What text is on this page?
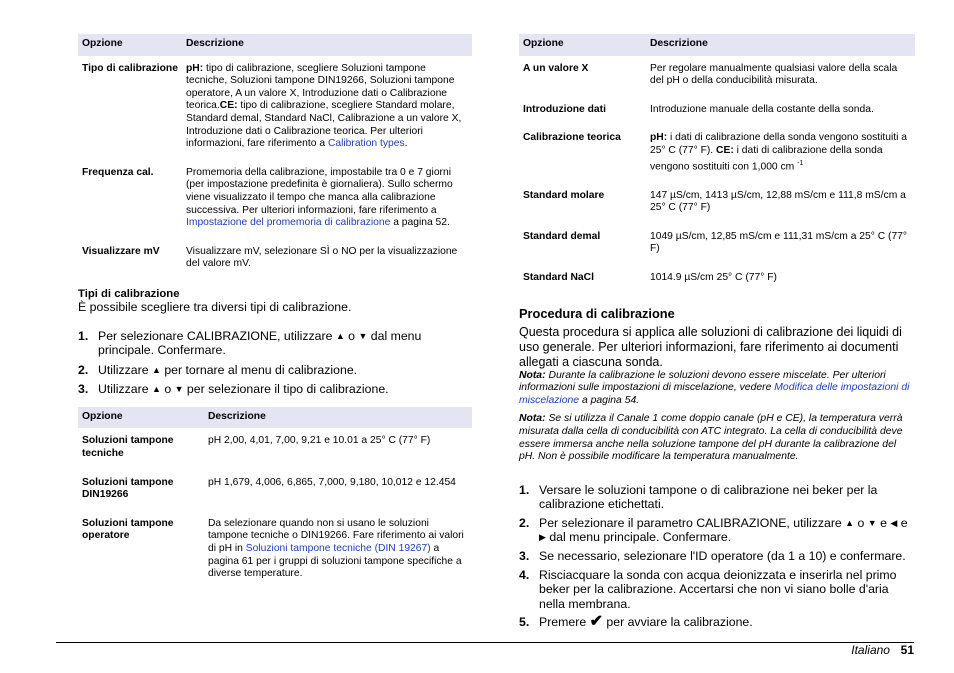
Opzione	Descrizione
Tipo di calibrazione	pH: tipo di calibrazione, scegliere Soluzioni tampone tecniche, Soluzioni tampone DIN19266, Soluzioni tampone operatore, A un valore X, Introduzione dati o Calibrazione teorica.CE: tipo di calibrazione, scegliere Standard molare, Standard demal, Standard NaCl, Calibrazione a un valore X, Introduzione dati o Calibrazione teorica. Per ulteriori informazioni, fare riferimento a Calibration types.
Frequenza cal.	Promemoria della calibrazione, impostabile tra 0 e 7 giorni (per impostazione predefinita è giornaliera). Sullo schermo viene visualizzato il tempo che manca alla calibrazione successiva. Per ulteriori informazioni, fare riferimento a Impostazione del promemoria di calibrazione a pagina 52.
Visualizzare mV	Visualizzare mV, selezionare SÌ o NO per la visualizzazione del valore mV.

Tipi di calibrazione

È possibile scegliere tra diversi tipi di calibrazione.

1. Per selezionare CALIBRAZIONE, utilizzare ▲ o ▼ dal menu principale. Confermare.
2. Utilizzare ▲ per tornare al menu di calibrazione.
3. Utilizzare ▲ o ▼ per selezionare il tipo di calibrazione.
Opzione	Descrizione
Soluzioni tampone tecniche	pH 2,00, 4,01, 7,00, 9,21 e 10.01 a 25° C (77° F)
Soluzioni tampone DIN19266	pH 1,679, 4,006, 6,865, 7,000, 9,180, 10,012 e 12.454
Soluzioni tampone operatore	Da selezionare quando non si usano le soluzioni tampone tecniche o DIN19266. Fare riferimento ai valori di pH in Soluzioni tampone tecniche (DIN 19267) a pagina 61 per i gruppi di soluzioni tampone specifiche a diverse temperature.
Opzione	Descrizione
A un valore X	Per regolare manualmente qualsiasi valore della scala del pH o della conducibilità misurata.
Introduzione dati	Introduzione manuale della costante della sonda.
Calibrazione teorica	pH: i dati di calibrazione della sonda vengono sostituiti a 25° C (77° F). CE: i dati di calibrazione della sonda vengono sostituiti con 1,000 cm $^{-1}$
Standard molare	147 µS/cm, 1413 µS/cm, 12,88 mS/cm e 111,8 mS/cm a 25° C (77° F)
Standard demal	1049 µS/cm, 12,85 mS/cm e 111,31 mS/cm a 25° C (77° F)
Standard NaCl	1014.9 µS/cm 25° C (77° F)
Procedura di calibrazione

Questa procedura si applica alle soluzioni di calibrazione dei liquidi di uso generale. Per ulteriori informazioni, fare riferimento ai documenti allegati a ciascuna sonda.

Nota: Durante la calibrazione le soluzioni devono essere miscelate. Per ulteriori informazioni sulle impostazioni di miscelazione, vedere Modifica delle impostazioni di miscelazione a pagina 54.

Nota: Se si utilizza il Canale 1 come doppio canale (pH e CE), la temperatura verrà misurata dalla cella di conducibilità con ATC integrato. La cella di conducibilità deve essere immersa anche nella soluzione tampone del pH durante la calibrazione del pH. Non è possibile modificare la temperatura manualmente.

1. Versare le soluzioni tampone o di calibrazione nei beker per la calibrazione etichettati.
2. Per selezionare il parametro CALIBRAZIONE, utilizzare ▲ o ▼ e ◀ e ▶ dal menu principale. Confermare.
3. Se necessario, selezionare l'ID operatore (da 1 a 10) e confermare.
4. Risciacquare la sonda con acqua deionizzata e inserirla nel primo beker per la calibrazione. Accertarsi che non vi siano bolle d'aria nella membrana.
5. Premere ✔ per avviare la calibrazione.
Italiano 51
